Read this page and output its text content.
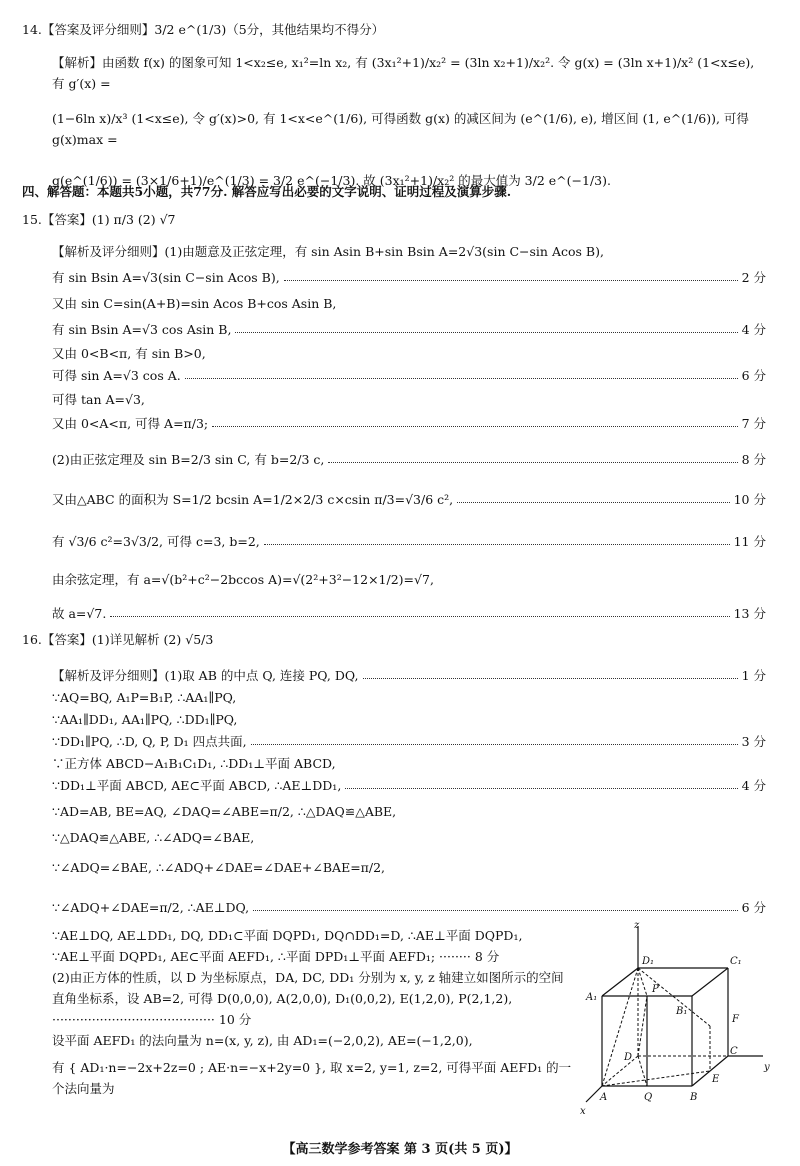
14.【答案及评分细则】3/2 e^(1/3)（5分，其他结果均不得分）
【解析】由函数 f(x) 的图象可知 1<x₂≤e, x₁²=ln x₂, 有 (3x₁²+1)/x₂² = (3ln x₂+1)/x₂². 令 g(x) = (3ln x+1)/x² (1<x≤e), 有 g′(x) =
(1−6ln x)/x³ (1<x≤e), 令 g′(x)>0, 有 1<x<e^(1/6), 可得函数 g(x) 的减区间为 (e^(1/6), e), 增区间 (1, e^(1/6)), 可得 g(x)max =
g(e^(1/6)) = (3×1/6+1)/e^(1/3) = 3/2 e^(−1/3). 故 (3x₁²+1)/x₂² 的最大值为 3/2 e^(−1/3).
四、解答题：本题共5小题，共77分. 解答应写出必要的文字说明、证明过程及演算步骤.
15.【答案】(1) π/3 (2) √7
【解析及评分细则】(1)由题意及正弦定理，有 sin Asin B+sin Bsin A=2√3(sin C−sin Acos B),
有 sin Bsin A=√3(sin C−sin Acos B),	2 分
又由 sin C=sin(A+B)=sin Acos B+cos Asin B,
有 sin Bsin A=√3 cos Asin B,	4 分
又由 0<B<π, 有 sin B>0,
可得 sin A=√3 cos A.	6 分
可得 tan A=√3,
又由 0<A<π, 可得 A=π/3;	7 分
(2)由正弦定理及 sin B=2/3 sin C, 有 b=2/3 c,	8 分
又由△ABC 的面积为 S=1/2 bcsin A=1/2×2/3 c×csin π/3=√3/6 c²,	10 分
有 √3/6 c²=3√3/2, 可得 c=3, b=2,	11 分
由余弦定理，有 a=√(b²+c²−2bccos A)=√(2²+3²−12×1/2)=√7,
故 a=√7.	13 分
16.【答案】(1)详见解析 (2) √5/3
【解析及评分细则】(1)取 AB 的中点 Q, 连接 PQ, DQ,	1 分
∵AQ=BQ, A₁P=B₁P, ∴AA₁∥PQ,
∵AA₁∥DD₁, AA₁∥PQ, ∴DD₁∥PQ,
∵DD₁∥PQ, ∴D, Q, P, D₁ 四点共面,	3 分
∵正方体 ABCD−A₁B₁C₁D₁, ∴DD₁⊥平面 ABCD,
∵DD₁⊥平面 ABCD, AE⊂平面 ABCD, ∴AE⊥DD₁,	4 分
∵AD=AB, BE=AQ, ∠DAQ=∠ABE=π/2, ∴△DAQ≌△ABE,
∵△DAQ≌△ABE, ∴∠ADQ=∠BAE,
∵∠ADQ=∠BAE, ∴∠ADQ+∠DAE=∠DAE+∠BAE=π/2,
∵∠ADQ+∠DAE=π/2, ∴AE⊥DQ,	6 分
∵AE⊥DQ, AE⊥DD₁, DQ, DD₁⊂平面 DQPD₁, DQ∩DD₁=D, ∴AE⊥平面 DQPD₁,
∵AE⊥平面 DQPD₁, AE⊂平面 AEFD₁, ∴平面 DPD₁⊥平面 AEFD₁; ········ 8 分
(2)由正方体的性质，以 D 为坐标原点，DA, DC, DD₁ 分别为 x, y, z 轴建立如图所示的空间直角坐标系，设 AB=2, 可得 D(0,0,0), A(2,0,0), D₁(0,0,2), E(1,2,0), P(2,1,2), ········································· 10 分
设平面 AEFD₁ 的法向量为 n=(x, y, z), 由 AD₁=(−2,0,2), AE=(−1,2,0),
有 { AD₁·n=−2x+2z=0 ; AE·n=−x+2y=0 }, 取 x=2, y=1, z=2, 可得平面 AEFD₁ 的一个法向量为
z
D₁	C₁
A₁
P
B₁
F
D
C
y
E
A	Q	B
x
【高三数学参考答案 第 3 页(共 5 页)】
